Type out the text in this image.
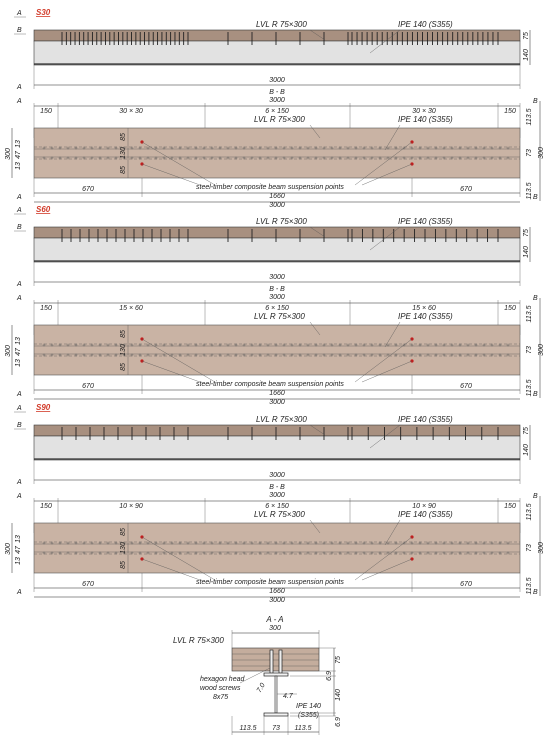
S30
A
B
LVL R 75×300	IPE 140 (S355)
75
140
3000
A
B - B
3000
A	B
150	30 × 30	6 × 150	30 × 30	150
LVL R 75×300	IPE 140 (S355)
steel-timber composite beam suspension points
300
13
47
13
85
130
85
113.5
73 300
113.5
670
1660
670
3000
A	B
S60
A
B
LVL R 75×300	IPE 140 (S355)
75
140
3000
A
B - B
3000
A	B
150	15 × 60	6 × 150	15 × 60	150
LVL R 75×300	IPE 140 (S355)
steel-timber composite beam suspension points
300
13
47
13
85
130
85
113.5
73 300
113.5
670
1660
670
3000
A	B
S90
A
B
LVL R 75×300	IPE 140 (S355)
75
140
3000
A
B - B
3000
A	B
150	10 × 90	6 × 150	10 × 90	150
LVL R 75×300	IPE 140 (S355)
steel-timber composite beam suspension points
300
13
47
13
85
130
85
113.5
73 300
113.5
670
1660
670
3000
A	B
A - A
300
LVL R 75×300
7.0
4.7
hexagon head
wood screws
8x75
IPE 140
(S355)
75
6.9
140
6.9
113.5 73 113.5
